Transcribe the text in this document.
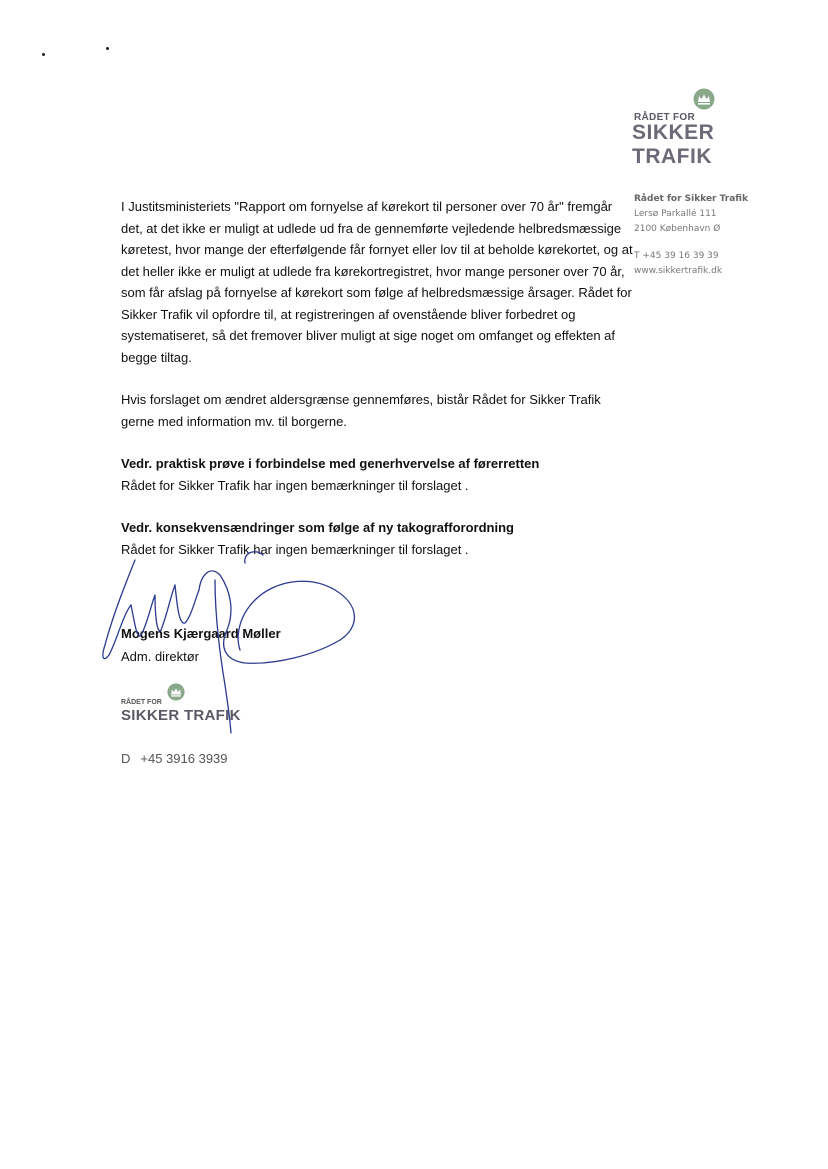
RÅDET FOR
SIKKER TRAFIK
Rådet for Sikker Trafik
Lersø Parkallé 111
2100 København Ø
T +45 39 16 39 39
www.sikkertrafik.dk

I Justitsministeriets "Rapport om fornyelse af kørekort til personer over 70 år" fremgår det, at det ikke er muligt at udlede ud fra de gennemførte vejledende helbredsmæssige køretest, hvor mange der efterfølgende får fornyet eller lov til at beholde kørekortet, og at det heller ikke er muligt at udlede fra kørekortregistret, hvor mange personer over 70 år, som får afslag på fornyelse af kørekort som følge af helbredsmæssige årsager. Rådet for Sikker Trafik vil opfordre til, at registreringen af ovenstående bliver forbedret og systematiseret, så det fremover bliver muligt at sige noget om omfanget og effekten af begge tiltag.

Hvis forslaget om ændret aldersgrænse gennemføres, bistår Rådet for Sikker Trafik gerne med information mv. til borgerne.

Vedr. praktisk prøve i forbindelse med generhvervelse af førerretten
Rådet for Sikker Trafik har ingen bemærkninger til forslaget .
Vedr. konsekvensændringer som følge af ny takografforordning
Rådet for Sikker Trafik har ingen bemærkninger til forslaget .
Mogens Kjærgaard Møller
Adm. direktør
RÅDET FOR
SIKKER TRAFIK
D +45 3916 3939
